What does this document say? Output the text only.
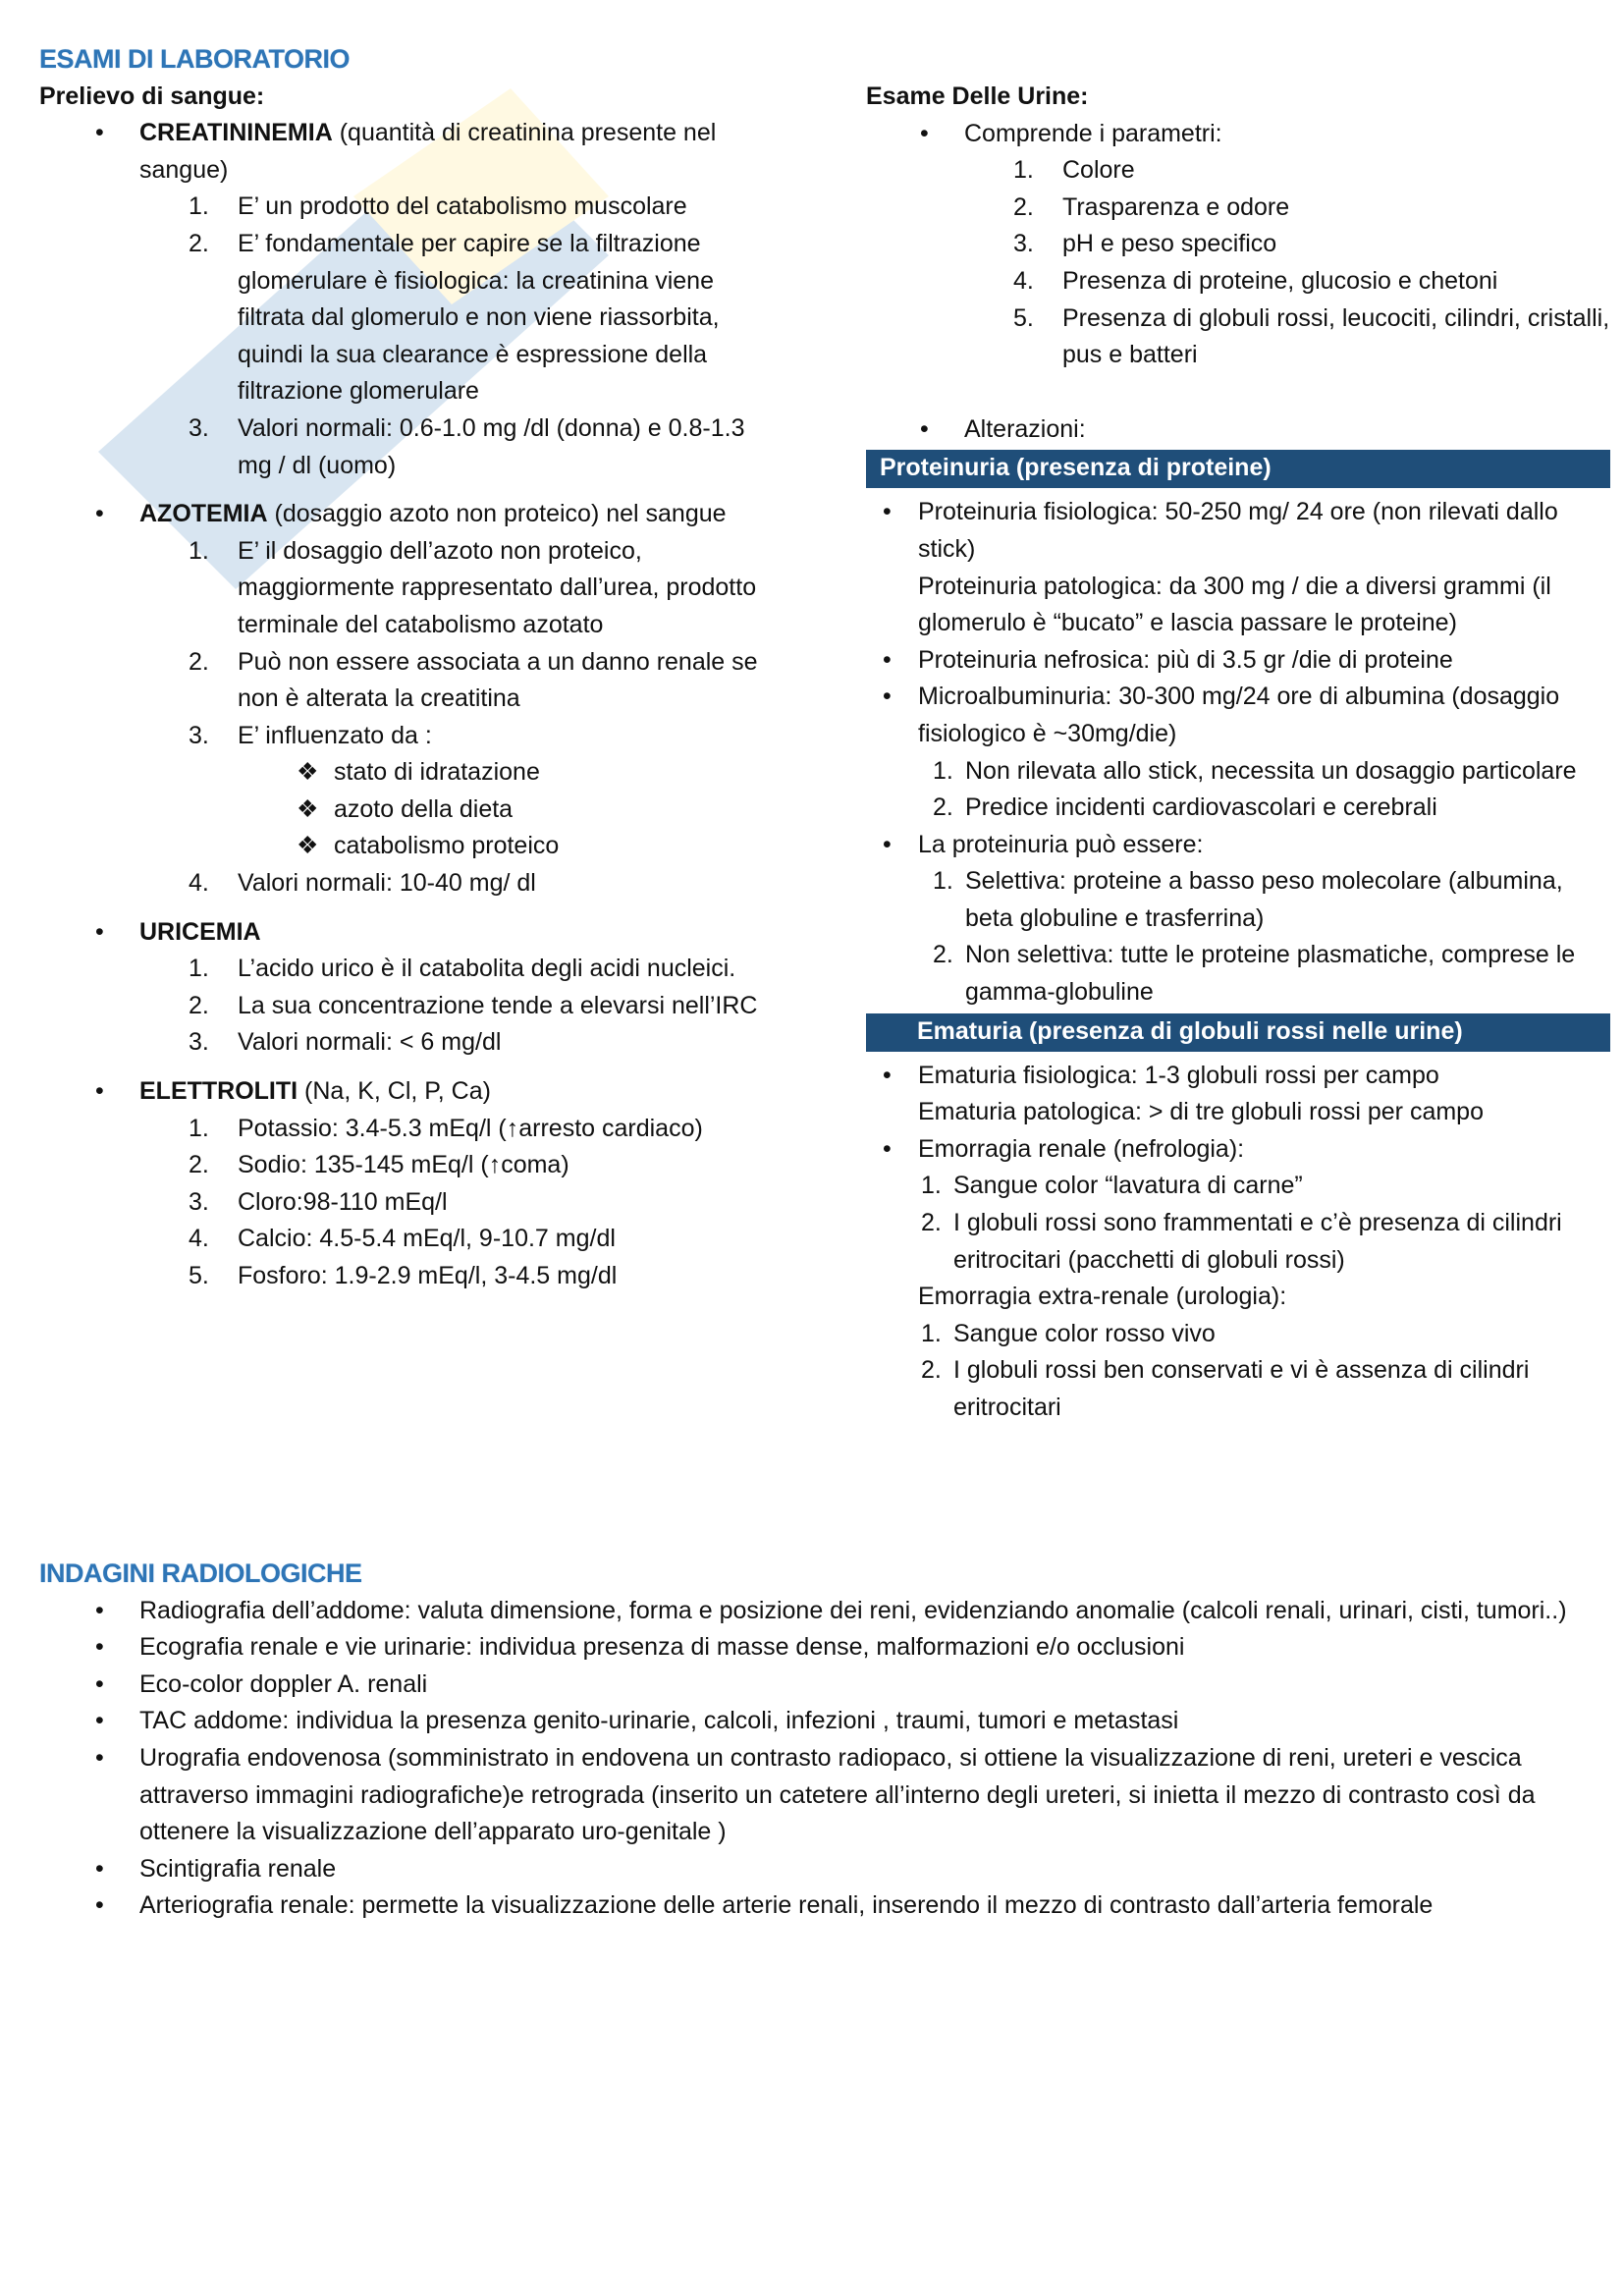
ESAMI DI LABORATORIO
Prelievo di sangue:
•	CREATININEMIA (quantità di creatinina presente nel sangue)
1.	E’ un prodotto del catabolismo muscolare
2.	E’ fondamentale per capire se la filtrazione glomerulare è fisiologica: la creatinina viene filtrata dal glomerulo e non viene riassorbita, quindi la sua clearance è espressione della filtrazione glomerulare
3.	Valori normali: 0.6-1.0 mg /dl (donna) e 0.8-1.3 mg / dl (uomo)
•	AZOTEMIA (dosaggio azoto non proteico) nel sangue
1.	E’ il dosaggio dell’azoto non proteico, maggiormente rappresentato dall’urea, prodotto terminale del catabolismo azotato
2.	Può non essere associata a un danno renale se non è alterata la creatitina
3.	E’ influenzato da :
❖ stato di idratazione
❖ azoto della dieta
❖ catabolismo proteico
4.	Valori normali: 10-40 mg/ dl
•	URICEMIA
1.	L’acido urico è il catabolita degli acidi nucleici.
2.	La sua concentrazione tende a elevarsi nell’IRC
3.	Valori normali: < 6 mg/dl
•	ELETTROLITI (Na, K, Cl, P, Ca)
1.	Potassio: 3.4-5.3 mEq/l (↑arresto cardiaco)
2.	Sodio: 135-145 mEq/l (↑coma)
3.	Cloro:98-110 mEq/l
4.	Calcio: 4.5-5.4 mEq/l, 9-10.7 mg/dl
5.	Fosforo: 1.9-2.9 mEq/l, 3-4.5 mg/dl
Esame Delle Urine:
•	Comprende i parametri:
1.	Colore
2.	Trasparenza e odore
3.	pH e peso specifico
4.	Presenza di proteine, glucosio e chetoni
5.	Presenza di globuli rossi, leucociti, cilindri, cristalli, pus e batteri
•	Alterazioni:
Proteinuria (presenza di proteine)
•	Proteinuria fisiologica: 50-250 mg/ 24 ore (non rilevati dallo stick)
Proteinuria patologica: da 300 mg / die a diversi grammi (il glomerulo è “bucato” e lascia passare le proteine)
•	Proteinuria nefrosica: più di 3.5 gr /die di proteine
•	Microalbuminuria: 30-300 mg/24 ore di albumina (dosaggio fisiologico è ~30mg/die)
1. Non rilevata allo stick, necessita un dosaggio particolare
2. Predice incidenti cardiovascolari e cerebrali
•	La proteinuria può essere:
1. Selettiva: proteine a basso peso molecolare (albumina, beta globuline e trasferrina)
2. Non selettiva: tutte le proteine plasmatiche, comprese le gamma-globuline
Ematuria (presenza di globuli rossi nelle urine)
•	Ematuria fisiologica: 1-3 globuli rossi per campo
Ematuria patologica: > di tre globuli rossi per campo
•	Emorragia renale (nefrologia):
1. Sangue color “lavatura di carne”
2. I globuli rossi sono frammentati e c’è presenza di cilindri eritrocitari (pacchetti di globuli rossi)
Emorragia extra-renale (urologia):
1. Sangue color rosso vivo
2. I globuli rossi ben conservati e vi è assenza di cilindri eritrocitari
INDAGINI RADIOLOGICHE
•	Radiografia dell’addome: valuta dimensione, forma e posizione dei reni, evidenziando anomalie (calcoli renali, urinari, cisti, tumori..)
•	Ecografia renale e vie urinarie: individua presenza di masse dense, malformazioni e/o occlusioni
•	Eco-color doppler A. renali
•	TAC addome: individua la presenza genito-urinarie, calcoli, infezioni , traumi, tumori e metastasi
•	Urografia endovenosa (somministrato in endovena un contrasto radiopaco, si ottiene la visualizzazione di reni, ureteri e vescica attraverso immagini radiografiche)e retrograda (inserito un catetere all’interno degli ureteri, si inietta il mezzo di contrasto così da ottenere la visualizzazione dell’apparato uro-genitale )
•	Scintigrafia renale
•	Arteriografia renale: permette la visualizzazione delle arterie renali, inserendo il mezzo di contrasto dall’arteria femorale
